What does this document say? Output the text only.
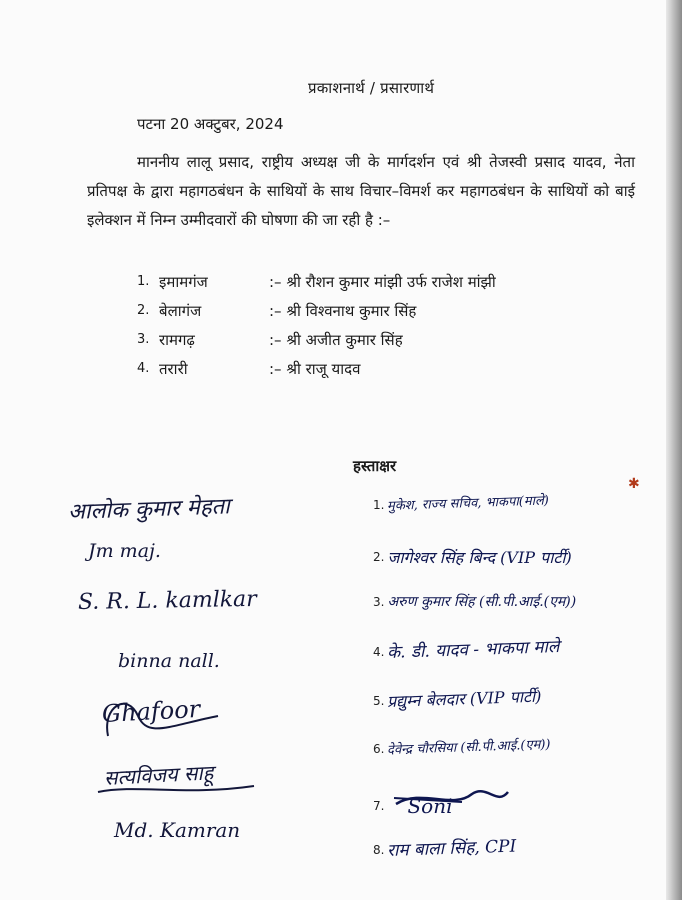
प्रकाशनार्थ / प्रसारणार्थ
पटना 20 अक्टुबर, 2024
माननीय लालू प्रसाद, राष्ट्रीय अध्यक्ष जी के मार्गदर्शन एवं श्री तेजस्वी प्रसाद यादव, नेता प्रतिपक्ष के द्वारा महागठबंधन के साथियों के साथ विचार–विमर्श कर महागठबंधन के साथियों को बाई इलेक्शन में निम्न उम्मीदवारों की घोषणा की जा रही है :–
1. इमामगंज	:– श्री रौशन कुमार मांझी उर्फ राजेश मांझी
2. बेलागंज	:– श्री विश्वनाथ कुमार सिंह
3. रामगढ़	:– श्री अजीत कुमार सिंह
4. तरारी	:– श्री राजू यादव
हस्ताक्षर
✱
आलोक कुमार मेहता
Jm maj.
S. R. L. kamlkar
binna nall.
Ghafoor
सत्यविजय साहू
Md. Kamran
1. मुकेश, राज्य सचिव, भाकपा(माले)
2. जागेश्वर सिंह बिन्द (VIP पार्टी)
3. अरुण कुमार सिंह (सी.पी.आई.(एम))
4. के. डी. यादव - भाकपा माले
5. प्रद्युम्न बेलदार (VIP पार्टी)
6. देवेन्द्र चौरसिया (सी.पी.आई.(एम))
7. Soni
8. राम बाला सिंह, CPI
